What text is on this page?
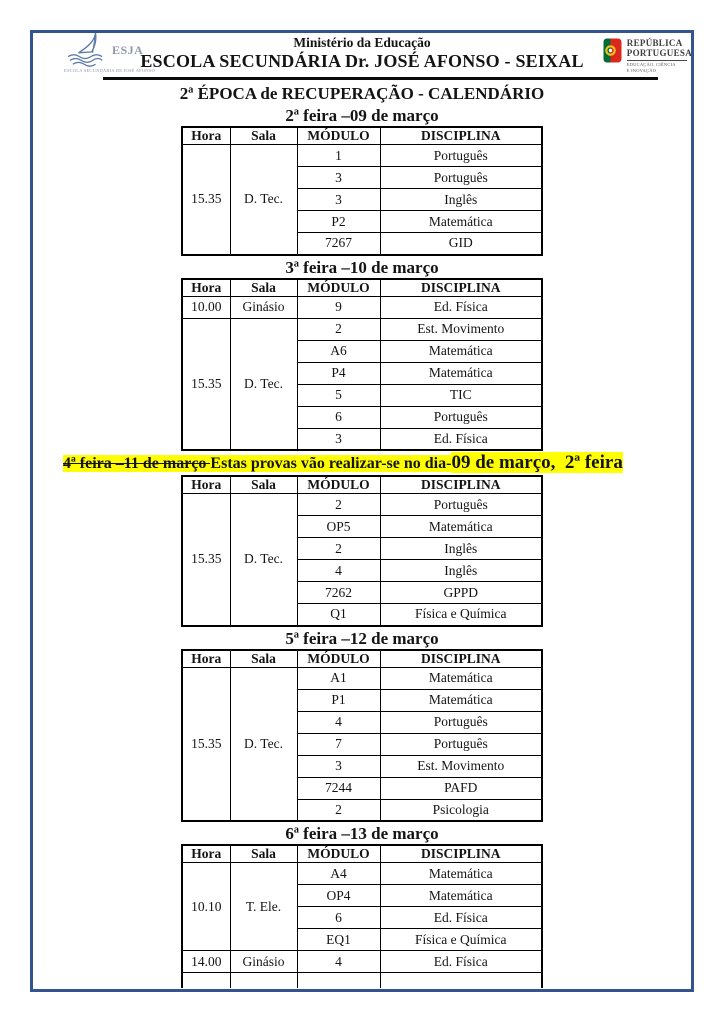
ESJA
ESCOLA SECUNDÁRIA DE JOSÉ AFONSO
Ministério da Educação
ESCOLA SECUNDÁRIA Dr. JOSÉ AFONSO - SEIXAL
REPÚBLICA
PORTUGUESA
EDUCAÇÃO, CIÊNCIA
E INOVAÇÃO
2ª ÉPOCA de RECUPERAÇÃO - CALENDÁRIO
2ª feira –09 de março
Hora	Sala	MÓDULO	DISCIPLINA
15.35	D. Tec.	1	Português
		3	Português
		3	Inglês
		P2	Matemática
		7267	GID
3ª feira –10 de março
Hora	Sala	MÓDULO	DISCIPLINA
10.00	Ginásio	9	Ed. Física
15.35	D. Tec.	2	Est. Movimento
		A6	Matemática
		P4	Matemática
		5	TIC
		6	Português
		3	Ed. Física
4ª feira –11 de março Estas provas vão realizar-se no dia-09 de março,  2ª feira
Hora	Sala	MÓDULO	DISCIPLINA
15.35	D. Tec.	2	Português
		OP5	Matemática
		2	Inglês
		4	Inglês
		7262	GPPD
		Q1	Física e Química
5ª feira –12 de março
Hora	Sala	MÓDULO	DISCIPLINA
15.35	D. Tec.	A1	Matemática
		P1	Matemática
		4	Português
		7	Português
		3	Est. Movimento
		7244	PAFD
		2	Psicologia
6ª feira –13 de março
Hora	Sala	MÓDULO	DISCIPLINA
10.10	T. Ele.	A4	Matemática
		OP4	Matemática
		6	Ed. Física
		EQ1	Física e Química
14.00	Ginásio	4	Ed. Física
